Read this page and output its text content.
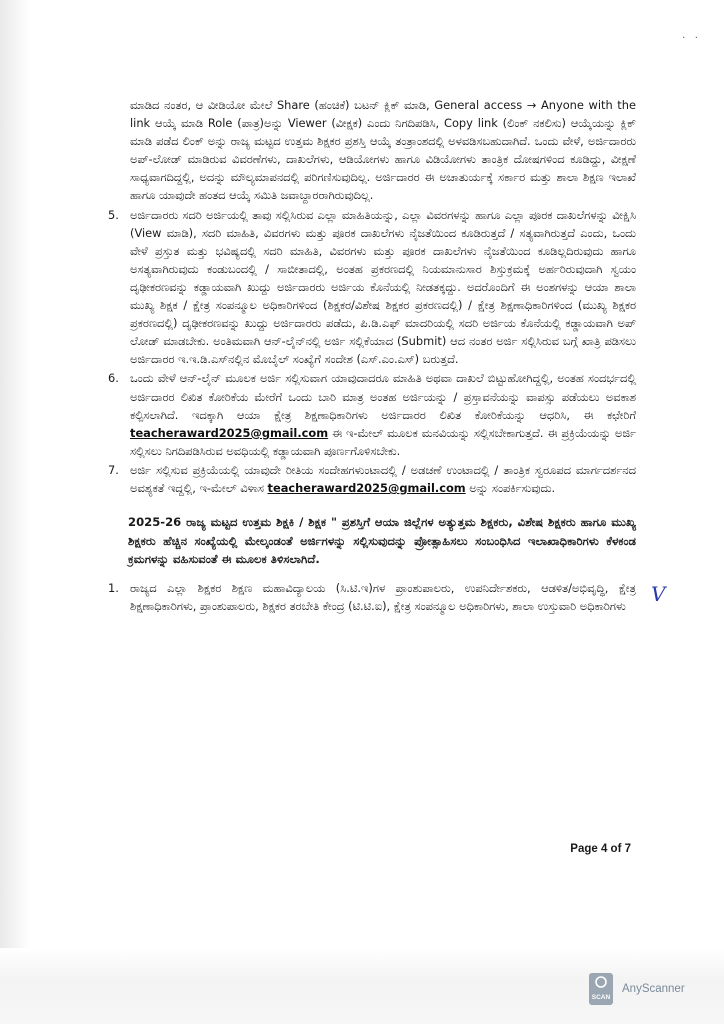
.   .

ಮಾಡಿದ ನಂತರ, ಆ ವೀಡಿಯೋ ಮೇಲೆ Share (ಹಂಚಿಕೆ) ಬಟನ್ ಕ್ಲಿಕ್ ಮಾಡಿ, General access → Anyone with the link ಆಯ್ಕೆ ಮಾಡಿ Role (ಪಾತ್ರ)ಅನ್ನು Viewer (ವೀಕ್ಷಕ) ಎಂದು ನಿಗದಿಪಡಿಸಿ, Copy link (ಲಿಂಕ್ ನಕಲಿಸು) ಆಯ್ಕೆಯನ್ನು ಕ್ಲಿಕ್ ಮಾಡಿ ಪಡೆದ ಲಿಂಕ್ ಅನ್ನು ರಾಜ್ಯ ಮಟ್ಟದ ಉತ್ತಮ ಶಿಕ್ಷಕರ ಪ್ರಶಸ್ತಿ ಆಯ್ಕೆ ತಂತ್ರಾಂಶದಲ್ಲಿ ಅಳವಡಿಸಬಹುದಾಗಿದೆ. ಒಂದು ವೇಳೆ, ಅರ್ಜಿದಾರರು ಅಪ್-ಲೋಡ್ ಮಾಡಿರುವ ವಿವರಣೆಗಳು, ದಾಖಲೆಗಳು, ಆಡಿಯೋಗಳು ಹಾಗೂ ವಿಡಿಯೋಗಳು ತಾಂತ್ರಿಕ ದೋಷಗಳಿಂದ ಕೂಡಿದ್ದು, ವೀಕ್ಷಣೆ ಸಾಧ್ಯವಾಗದಿದ್ದಲ್ಲಿ, ಅದನ್ನು ಮೌಲ್ಯಮಾಪನದಲ್ಲಿ ಪರಿಗಣಿಸುವುದಿಲ್ಲ. ಅರ್ಜಿದಾರರ ಈ ಅಚಾತುರ್ಯಕ್ಕೆ ಸರ್ಕಾರ ಮತ್ತು ಶಾಲಾ ಶಿಕ್ಷಣ ಇಲಾಖೆ ಹಾಗೂ ಯಾವುದೇ ಹಂತದ ಆಯ್ಕೆ ಸಮಿತಿ ಜವಾಬ್ದಾರರಾಗಿರುವುದಿಲ್ಲ.

5. ಅರ್ಜಿದಾರರು ಸದರಿ ಅರ್ಜಿಯಲ್ಲಿ ತಾವು ಸಲ್ಲಿಸಿರುವ ಎಲ್ಲಾ ಮಾಹಿತಿಯನ್ನು, ಎಲ್ಲಾ ವಿವರಗಳನ್ನು ಹಾಗೂ ಎಲ್ಲಾ ಪೂರಕ ದಾಖಲೆಗಳನ್ನು ವೀಕ್ಷಿಸಿ (View ಮಾಡಿ), ಸದರಿ ಮಾಹಿತಿ, ವಿವರಗಳು ಮತ್ತು ಪೂರಕ ದಾಖಲೆಗಳು ನೈಜತೆಯಿಂದ ಕೂಡಿರುತ್ತದೆ / ಸತ್ಯವಾಗಿರುತ್ತದೆ ಎಂದು, ಒಂದು ವೇಳೆ ಪ್ರಸ್ತುತ ಮತ್ತು ಭವಿಷ್ಯದಲ್ಲಿ ಸದರಿ ಮಾಹಿತಿ, ವಿವರಗಳು ಮತ್ತು ಪೂರಕ ದಾಖಲೆಗಳು ನೈಜತೆಯಿಂದ ಕೂಡಿಲ್ಲದಿರುವುದು ಹಾಗೂ ಅಸತ್ಯವಾಗಿರುವುದು ಕಂಡುಬಂದಲ್ಲಿ / ಸಾಬೀತಾದಲ್ಲಿ, ಅಂತಹ ಪ್ರಕರಣದಲ್ಲಿ ನಿಯಮಾನುಸಾರ ಶಿಸ್ತುಕ್ರಮಕ್ಕೆ ಅರ್ಹರಿರುವುದಾಗಿ ಸ್ವಯಂ ದೃಢೀಕರಣವನ್ನು ಕಡ್ಡಾಯವಾಗಿ ಖುದ್ದು ಅರ್ಜಿದಾರರು ಅರ್ಜಿಯ ಕೊನೆಯಲ್ಲಿ ನೀಡತಕ್ಕದ್ದು. ಅದರೊಂದಿಗೆ ಈ ಅಂಶಗಳನ್ನು ಆಯಾ ಶಾಲಾ ಮುಖ್ಯ ಶಿಕ್ಷಕ / ಕ್ಷೇತ್ರ ಸಂಪನ್ಮೂಲ ಅಧಿಕಾರಿಗಳಿಂದ (ಶಿಕ್ಷಕರ/ವಿಶೇಷ ಶಿಕ್ಷಕರ ಪ್ರಕರಣದಲ್ಲಿ) / ಕ್ಷೇತ್ರ ಶಿಕ್ಷಣಾಧಿಕಾರಿಗಳಿಂದ (ಮುಖ್ಯ ಶಿಕ್ಷಕರ ಪ್ರಕರಣದಲ್ಲಿ) ದೃಢೀಕರಣವನ್ನು ಖುದ್ದು ಅರ್ಜಿದಾರರು ಪಡೆದು, ಪಿ.ಡಿ.ಎಫ್ ಮಾದರಿಯಲ್ಲಿ ಸದರಿ ಅರ್ಜಿಯ ಕೊನೆಯಲ್ಲಿ ಕಡ್ಡಾಯವಾಗಿ ಅಪ್ ಲೋಡ್ ಮಾಡಬೇಕು. ಅಂತಿಮವಾಗಿ ಆನ್-ಲೈನ್‌ನಲ್ಲಿ ಅರ್ಜಿ ಸಲ್ಲಿಕೆಯಾದ (Submit) ಆದ ನಂತರ ಅರ್ಜಿ ಸಲ್ಲಿಸಿರುವ ಬಗ್ಗೆ ಖಾತ್ರಿ ಪಡಿಸಲು ಅರ್ಜಿದಾರರ ಇ.ಇ.ಡಿ.ಎಸ್‌ನಲ್ಲಿನ ಮೊಬೈಲ್ ಸಂಖ್ಯೆಗೆ ಸಂದೇಶ (ಎಸ್.ಎಂ.ಎಸ್) ಬರುತ್ತದೆ.
6. ಒಂದು ವೇಳೆ ಆನ್-ಲೈನ್ ಮೂಲಕ ಅರ್ಜಿ ಸಲ್ಲಿಸುವಾಗ ಯಾವುದಾದರೂ ಮಾಹಿತಿ ಅಥವಾ ದಾಖಲೆ ಬಿಟ್ಟುಹೋಗಿದ್ದಲ್ಲಿ, ಅಂತಹ ಸಂದರ್ಭದಲ್ಲಿ ಅರ್ಜಿದಾರರ ಲಿಖಿತ ಕೋರಿಕೆಯ ಮೇರೆಗೆ ಒಂದು ಬಾರಿ ಮಾತ್ರ ಅಂತಹ ಅರ್ಜಿಯನ್ನು / ಪ್ರಸ್ತಾವನೆಯನ್ನು ವಾಪಸ್ಸು ಪಡೆಯಲು ಅವಕಾಶ ಕಲ್ಪಿಸಲಾಗಿದೆ. ಇದಕ್ಕಾಗಿ ಆಯಾ ಕ್ಷೇತ್ರ ಶಿಕ್ಷಣಾಧಿಕಾರಿಗಳು ಅರ್ಜಿದಾರರ ಲಿಖಿತ ಕೋರಿಕೆಯನ್ನು ಆಧರಿಸಿ, ಈ ಕಛೇರಿಗೆ teacheraward2025@gmail.com ಈ ಇ-ಮೇಲ್ ಮೂಲಕ ಮನವಿಯನ್ನು ಸಲ್ಲಿಸಬೇಕಾಗುತ್ತದೆ. ಈ ಪ್ರಕ್ರಿಯೆಯನ್ನು ಅರ್ಜಿ ಸಲ್ಲಿಸಲು ನಿಗದಿಪಡಿಸಿರುವ ಅವಧಿಯಲ್ಲಿ ಕಡ್ಡಾಯವಾಗಿ ಪೂರ್ಣಗೊಳಿಸಬೇಕು.
7. ಅರ್ಜಿ ಸಲ್ಲಿಸುವ ಪ್ರಕ್ರಿಯೆಯಲ್ಲಿ ಯಾವುದೇ ರೀತಿಯ ಸಂದೇಹಗಳುಂಟಾದಲ್ಲಿ / ಅಡಚಣೆ ಉಂಟಾದಲ್ಲಿ / ತಾಂತ್ರಿಕ ಸ್ವರೂಪದ ಮಾರ್ಗದರ್ಶನದ ಅವಶ್ಯಕತೆ ಇದ್ದಲ್ಲಿ, ಇ-ಮೇಲ್ ವಿಳಾಸ teacheraward2025@gmail.com ಅನ್ನು ಸಂಪರ್ಕಿಸುವುದು.

2025-26 ರಾಜ್ಯ ಮಟ್ಟದ ಉತ್ತಮ ಶಿಕ್ಷಕಿ / ಶಿಕ್ಷಕ " ಪ್ರಶಸ್ತಿಗೆ ಆಯಾ ಜಿಲ್ಲೆಗಳ ಅತ್ಯುತ್ತಮ ಶಿಕ್ಷಕರು, ವಿಶೇಷ ಶಿಕ್ಷಕರು ಹಾಗೂ ಮುಖ್ಯ ಶಿಕ್ಷಕರು ಹೆಚ್ಚಿನ ಸಂಖ್ಯೆಯಲ್ಲಿ ಮೇಲ್ಕಂಡಂತೆ ಅರ್ಜಿಗಳನ್ನು ಸಲ್ಲಿಸುವುದನ್ನು ಪ್ರೋತ್ಸಾಹಿಸಲು ಸಂಬಂಧಿಸಿದ ಇಲಾಖಾಧಿಕಾರಿಗಳು ಕೆಳಕಂಡ ಕ್ರಮಗಳನ್ನು ವಹಿಸುವಂತೆ ಈ ಮೂಲಕ ತಿಳಿಸಲಾಗಿದೆ.

1. ರಾಜ್ಯದ ಎಲ್ಲಾ ಶಿಕ್ಷಕರ ಶಿಕ್ಷಣ ಮಹಾವಿದ್ಯಾಲಯ (ಸಿ.ಟಿ.ಇ)ಗಳ ಪ್ರಾಂಶುಪಾಲರು, ಉಪನಿರ್ದೇಶಕರು, ಆಡಳಿತ/ಅಭಿವೃದ್ಧಿ, ಕ್ಷೇತ್ರ ಶಿಕ್ಷಣಾಧಿಕಾರಿಗಳು, ಪ್ರಾಂಶುಪಾಲರು, ಶಿಕ್ಷಕರ ತರಬೇತಿ ಕೇಂದ್ರ (ಟಿ.ಟಿ.ಐ), ಕ್ಷೇತ್ರ ಸಂಪನ್ಮೂಲ ಅಧಿಕಾರಿಗಳು, ಶಾಲಾ ಉಸ್ತುವಾರಿ ಅಧಿಕಾರಿಗಳು	V
Page 4 of 7
SCAN
AnyScanner
